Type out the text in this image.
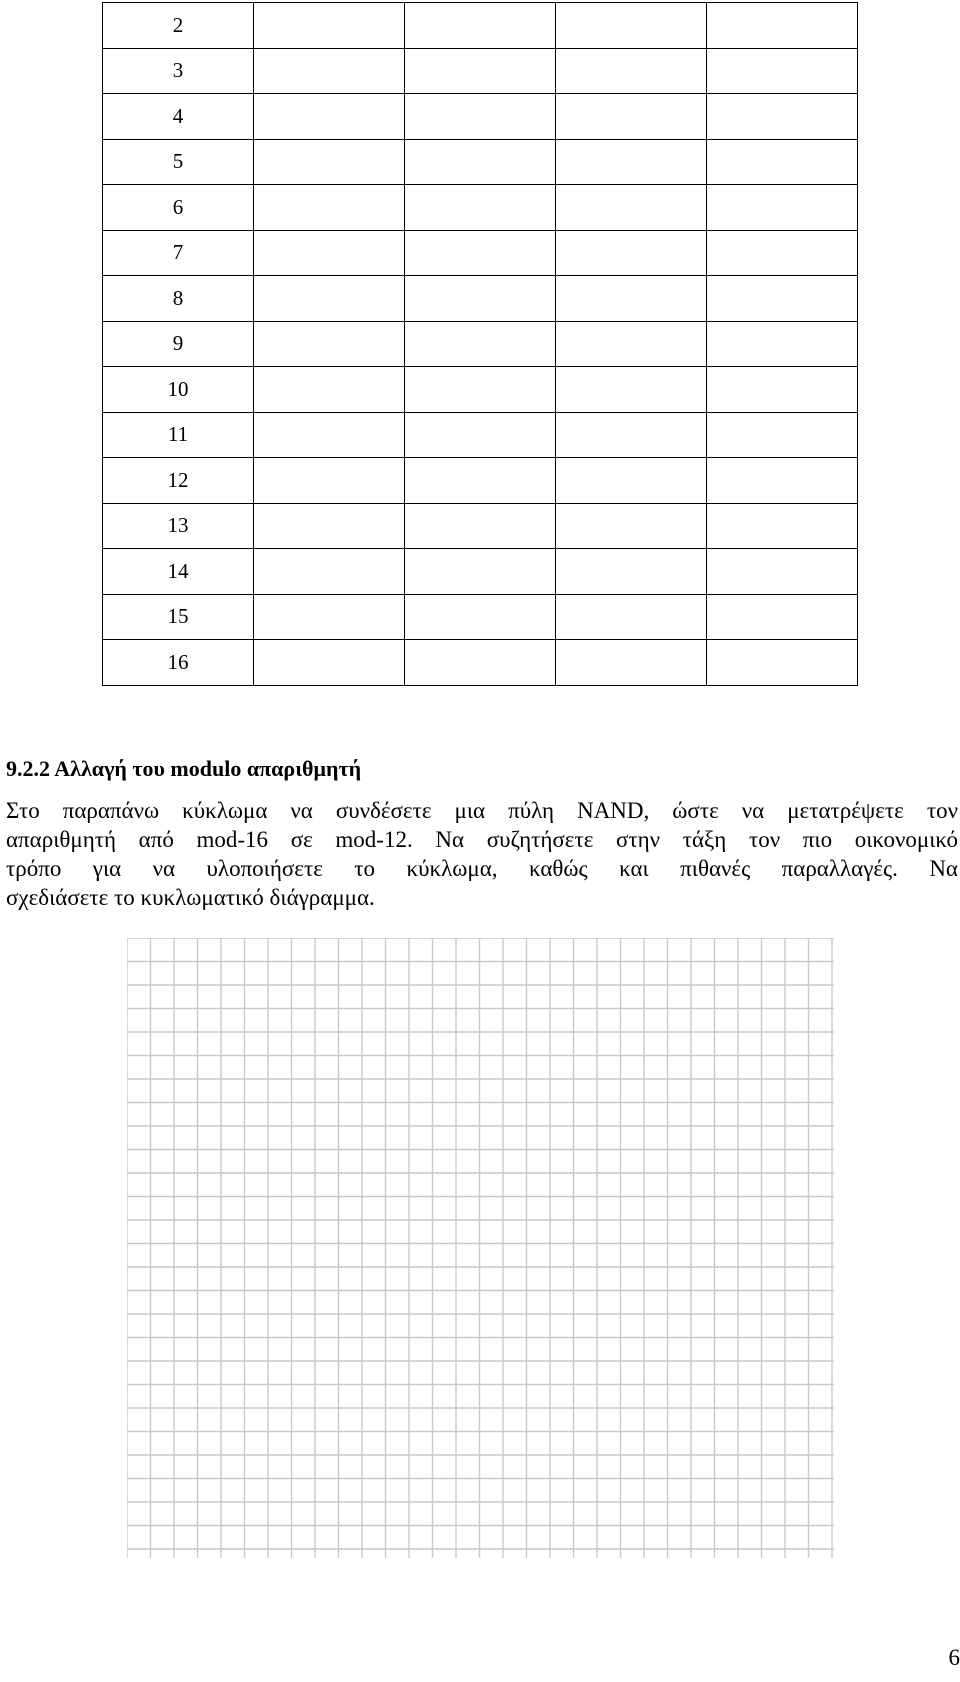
2				
3				
4				
5				
6				
7				
8				
9				
10				
11				
12				
13				
14				
15				
16				
9.2.2 Αλλαγή του modulo απαριθμητή

Στο παραπάνω κύκλωμα να συνδέσετε μια πύλη NAND, ώστε να μετατρέψετε τον

απαριθμητή από mod-16 σε mod-12. Να συζητήσετε στην τάξη τον πιο οικονομικό

τρόπο για να υλοποιήσετε το κύκλωμα, καθώς και πιθανές παραλλαγές. Να

σχεδιάσετε το κυκλωματικό διάγραμμα.

6
